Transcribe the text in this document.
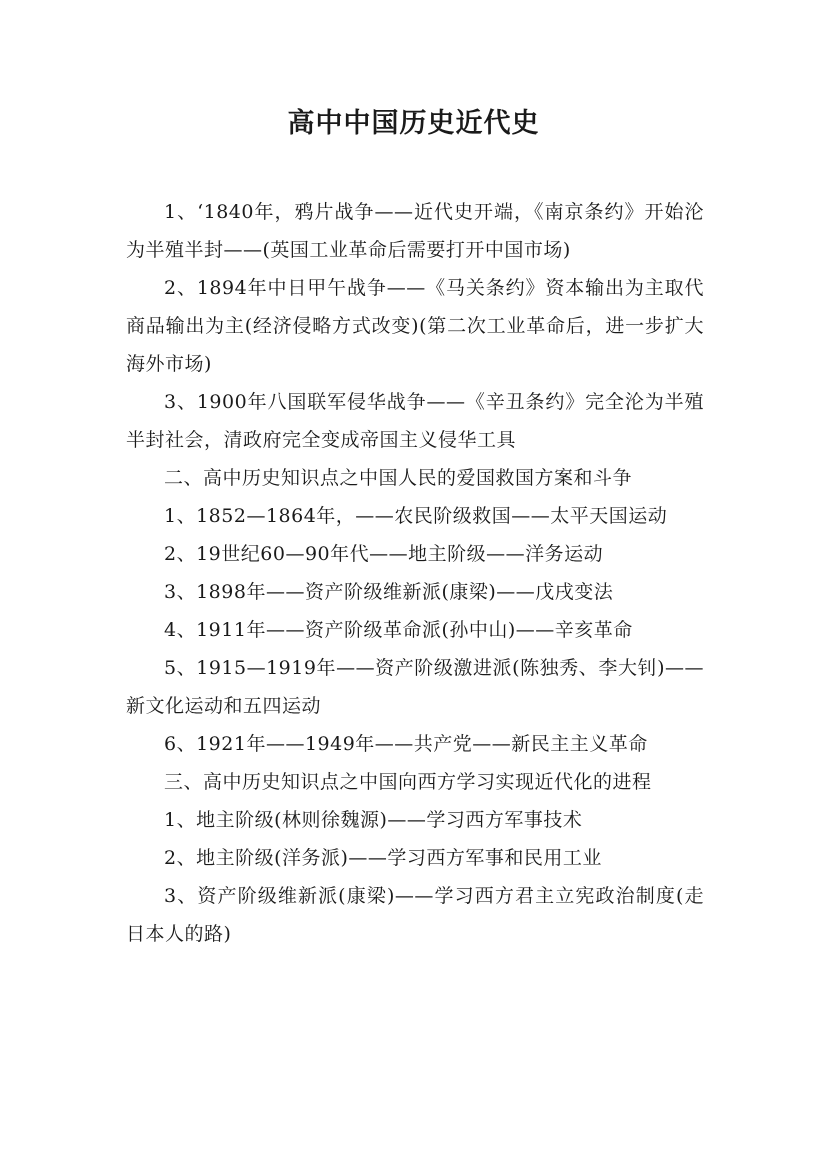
高中中国历史近代史

1、‘1840年，鸦片战争——近代史开端，《南京条约》开始沦为半殖半封——(英国工业革命后需要打开中国市场)

2、1894年中日甲午战争——《马关条约》资本输出为主取代商品输出为主(经济侵略方式改变)(第二次工业革命后，进一步扩大海外市场)

3、1900年八国联军侵华战争——《辛丑条约》完全沦为半殖半封社会，清政府完全变成帝国主义侵华工具

二、高中历史知识点之中国人民的爱国救国方案和斗争

1、1852—1864年，——农民阶级救国——太平天国运动

2、19世纪60—90年代——地主阶级——洋务运动

3、1898年——资产阶级维新派(康梁)——戊戌变法

4、1911年——资产阶级革命派(孙中山)——辛亥革命

5、1915—1919年——资产阶级激进派(陈独秀、李大钊)——新文化运动和五四运动

6、1921年——1949年——共产党——新民主主义革命

三、高中历史知识点之中国向西方学习实现近代化的进程

1、地主阶级(林则徐魏源)——学习西方军事技术

2、地主阶级(洋务派)——学习西方军事和民用工业

3、资产阶级维新派(康梁)——学习西方君主立宪政治制度(走日本人的路)
